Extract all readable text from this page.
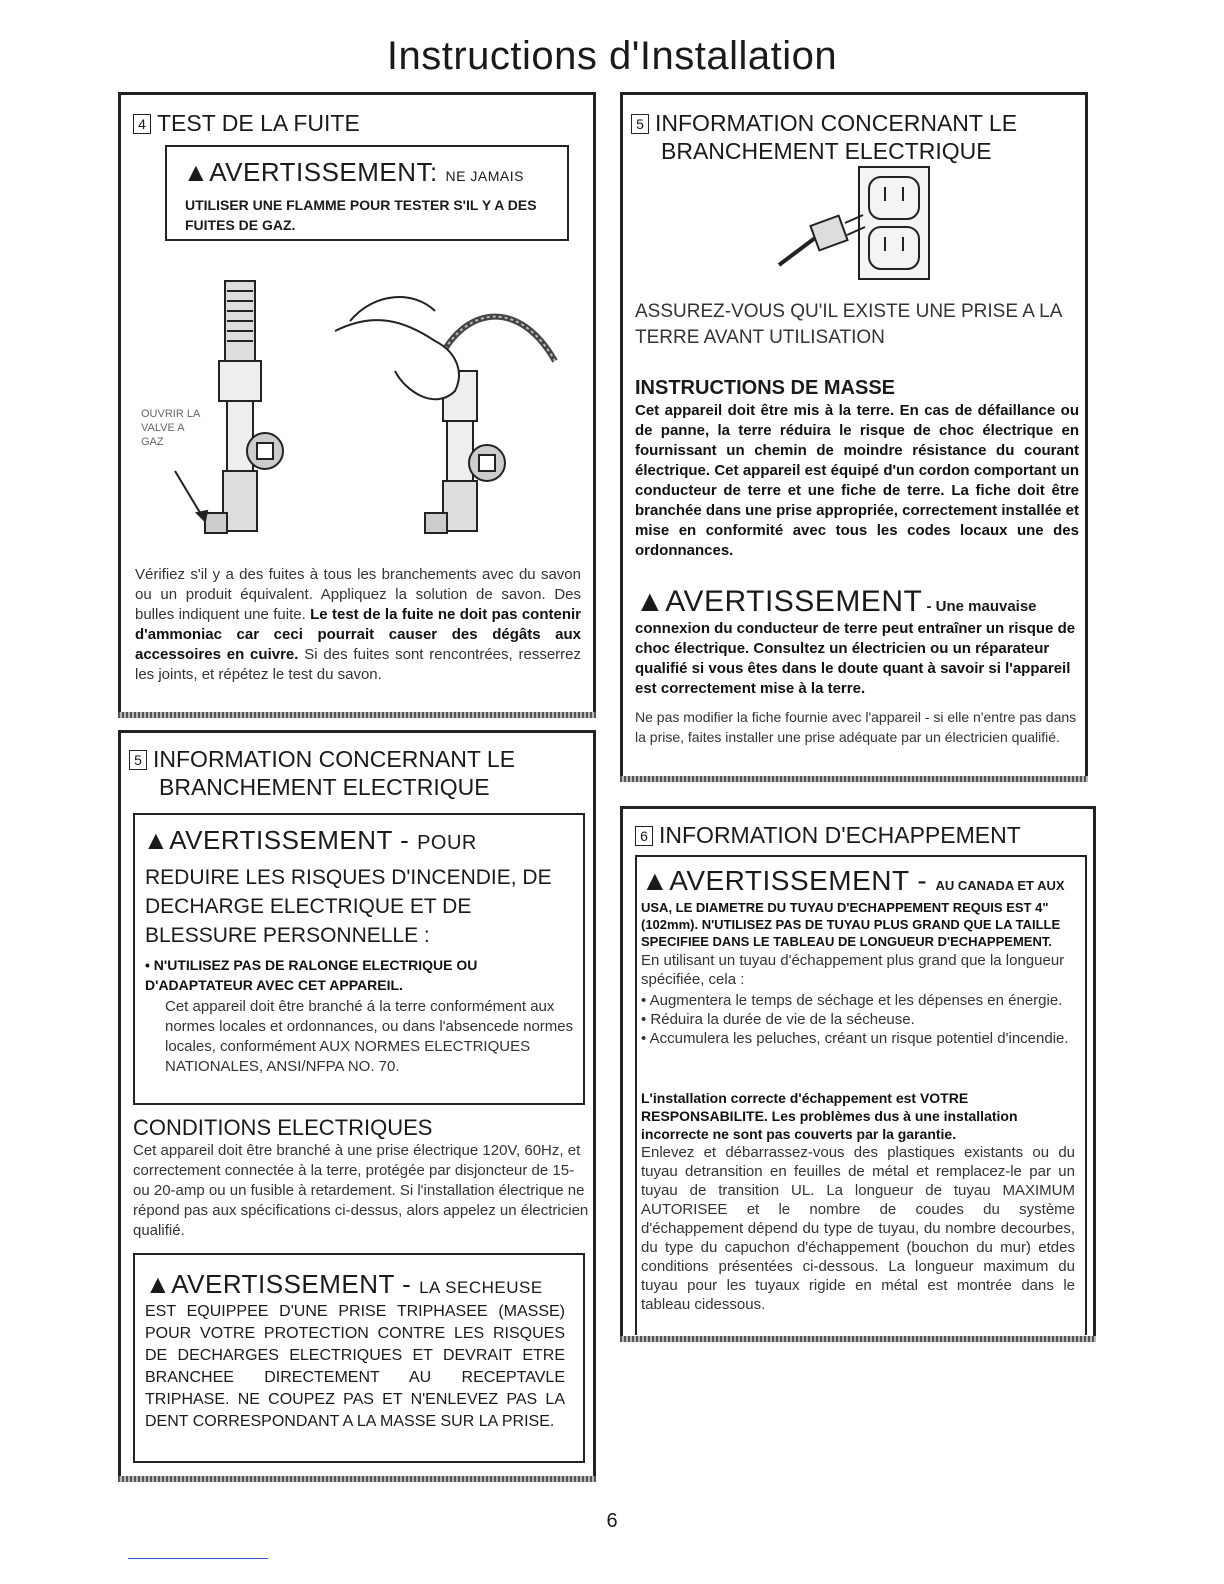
Instructions d'Installation
4 TEST DE LA FUITE
▲AVERTISSEMENT: NE JAMAIS
UTILISER UNE FLAMME POUR TESTER S'IL Y A DES FUITES DE GAZ.
OUVRIR LA VALVE A GAZ
Vérifiez s'il y a des fuites à tous les branchements avec du savon ou un produit équivalent. Appliquez la solution de savon. Des bulles indiquent une fuite. Le test de la fuite ne doit pas contenir d'ammoniac car ceci pourrait causer des dégâts aux accessoires en cuivre. Si des fuites sont rencontrées, resserrez les joints, et répétez le test du savon.
5 INFORMATION CONCERNANT LE
BRANCHEMENT ELECTRIQUE
▲AVERTISSEMENT - POUR
REDUIRE LES RISQUES D'INCENDIE, DE DECHARGE ELECTRIQUE ET DE BLESSURE PERSONNELLE :
• N'UTILISEZ PAS DE RALONGE ELECTRIQUE OU D'ADAPTATEUR AVEC CET APPAREIL.
Cet appareil doit être branché á la terre conformément aux normes locales et ordonnances, ou dans l'absencede normes locales, conformément AUX NORMES ELECTRIQUES NATIONALES, ANSI/NFPA NO. 70.
CONDITIONS ELECTRIQUES
Cet appareil doit être branché à une prise électrique 120V, 60Hz, et correctement connectée à la terre, protégée par disjoncteur de 15- ou 20-amp ou un fusible à retardement. Si l'installation électrique ne répond pas aux spécifications ci-dessus, alors appelez un électricien qualifié.
▲AVERTISSEMENT - LA SECHEUSE
EST EQUIPPEE D'UNE PRISE TRIPHASEE (MASSE) POUR VOTRE PROTECTION CONTRE LES RISQUES DE DECHARGES ELECTRIQUES ET DEVRAIT ETRE BRANCHEE DIRECTEMENT AU RECEPTAVLE TRIPHASE. NE COUPEZ PAS ET N'ENLEVEZ PAS LA DENT CORRESPONDANT A LA MASSE SUR LA PRISE.
5 INFORMATION CONCERNANT LE
BRANCHEMENT ELECTRIQUE
ASSUREZ-VOUS QU'IL EXISTE UNE PRISE A LA TERRE AVANT UTILISATION
INSTRUCTIONS DE MASSE
Cet appareil doit être mis à la terre. En cas de défaillance ou de panne, la terre réduira le risque de choc électrique en fournissant un chemin de moindre résistance du courant électrique. Cet appareil est équipé d'un cordon comportant un conducteur de terre et une fiche de terre. La fiche doit être branchée dans une prise appropriée, correctement installée et mise en conformité avec tous les codes locaux une des ordonnances.
▲AVERTISSEMENT - Une mauvaise
connexion du conducteur de terre peut entraîner un risque de choc électrique. Consultez un électricien ou un réparateur qualifié si vous êtes dans le doute quant à savoir si l'appareil est correctement mise à la terre.
Ne pas modifier la fiche fournie avec l'appareil - si elle n'entre pas dans la prise, faites installer une prise adéquate par un électricien qualifié.
6 INFORMATION D'ECHAPPEMENT
▲AVERTISSEMENT - AU CANADA ET AUX
USA, LE DIAMETRE DU TUYAU D'ECHAPPEMENT REQUIS EST 4" (102mm). N'UTILISEZ PAS DE TUYAU PLUS GRAND QUE LA TAILLE SPECIFIEE DANS LE TABLEAU DE LONGUEUR D'ECHAPPEMENT.
En utilisant un tuyau d'échappement plus grand que la longueur spécifiée, cela :
• Augmentera le temps de séchage et les dépenses en énergie.
• Réduira la durée de vie de la sécheuse.
• Accumulera les peluches, créant un risque potentiel d'incendie.
L'installation correcte d'échappement est VOTRE RESPONSABILITE. Les problèmes dus à une installation incorrecte ne sont pas couverts par la garantie.
Enlevez et débarrassez-vous des plastiques existants ou du tuyau detransition en feuilles de métal et remplacez-le par un tuyau de transition UL. La longueur de tuyau MAXIMUM AUTORISEE et le nombre de coudes du système d'échappement dépend du type de tuyau, du nombre decourbes, du type du capuchon d'échappement (bouchon du mur) etdes conditions présentées ci-dessous. La longueur maximum du tuyau pour les tuyaux rigide en métal est montrée dans le tableau cidessous.
6
